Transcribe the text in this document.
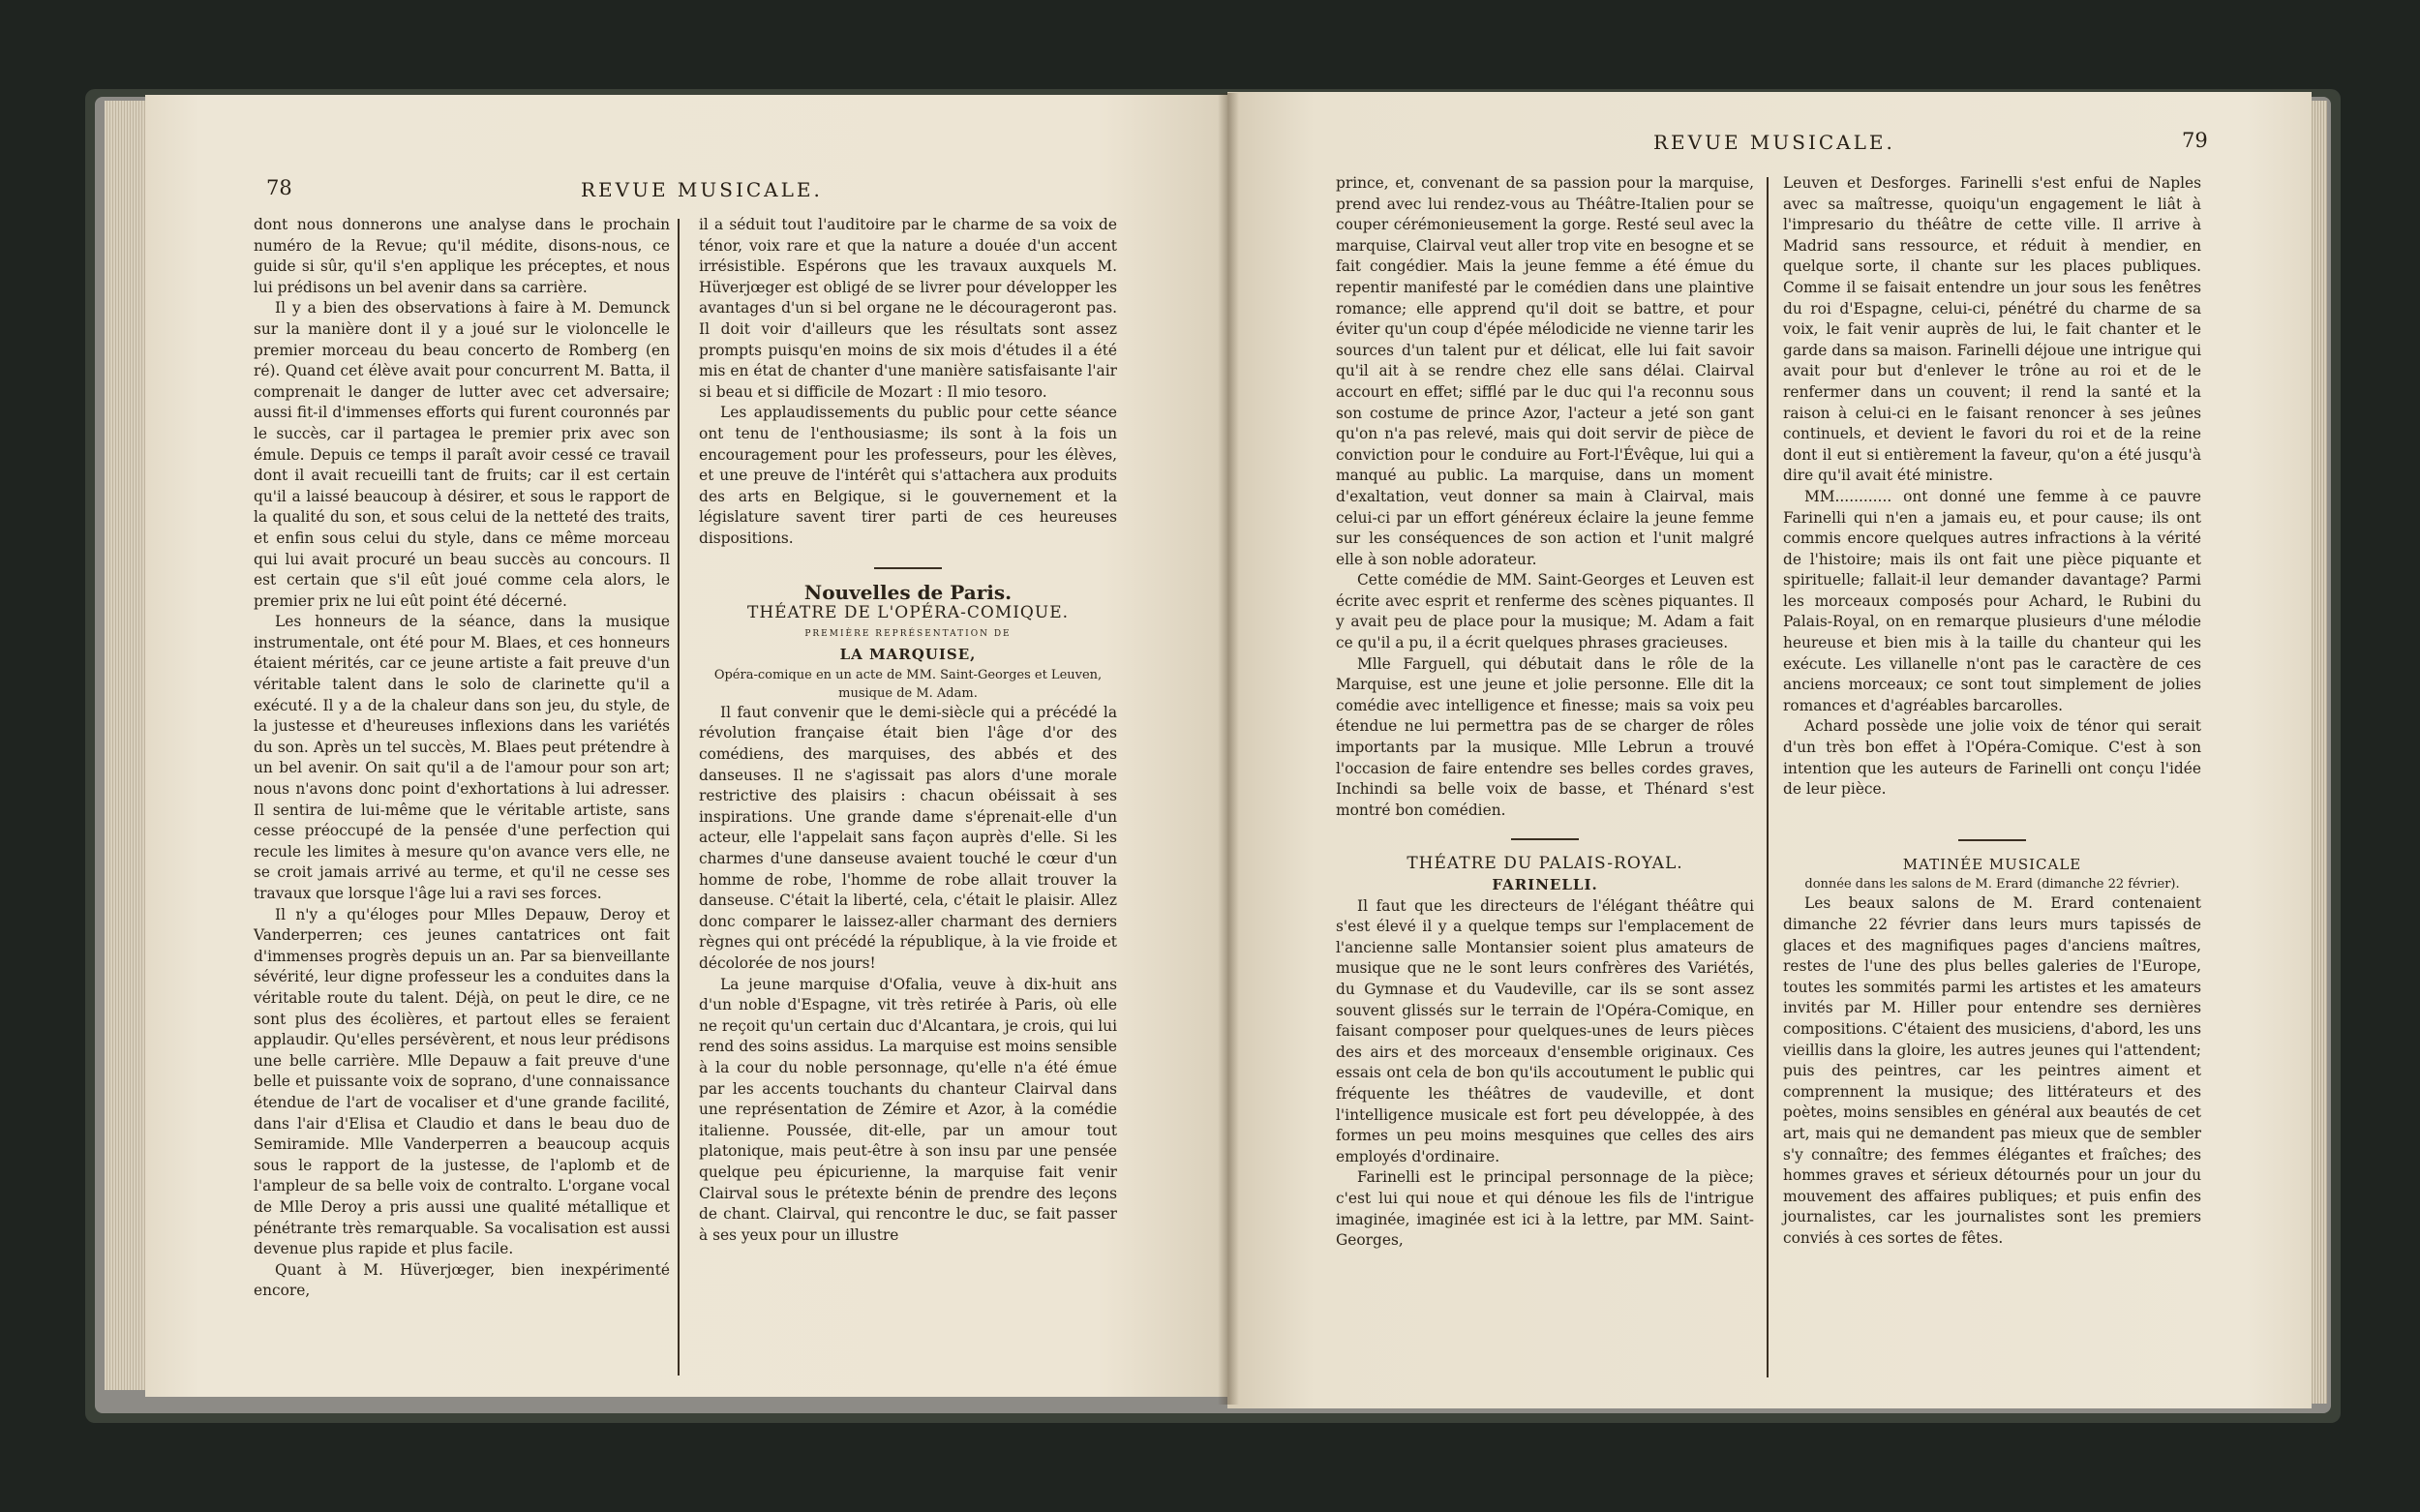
78	REVUE MUSICALE.

dont nous donnerons une analyse dans le prochain numéro de la Revue; qu'il médite, disons-nous, ce guide si sûr, qu'il s'en applique les préceptes, et nous lui prédisons un bel avenir dans sa carrière.

Il y a bien des observations à faire à M. Demunck sur la manière dont il y a joué sur le violoncelle le premier morceau du beau concerto de Romberg (en ré). Quand cet élève avait pour concurrent M. Batta, il comprenait le danger de lutter avec cet adversaire; aussi fit-il d'immenses efforts qui furent couronnés par le succès, car il partagea le premier prix avec son émule. Depuis ce temps il paraît avoir cessé ce travail dont il avait recueilli tant de fruits; car il est certain qu'il a laissé beaucoup à désirer, et sous le rapport de la qualité du son, et sous celui de la netteté des traits, et enfin sous celui du style, dans ce même morceau qui lui avait procuré un beau succès au concours. Il est certain que s'il eût joué comme cela alors, le premier prix ne lui eût point été décerné.

Les honneurs de la séance, dans la musique instrumentale, ont été pour M. Blaes, et ces honneurs étaient mérités, car ce jeune artiste a fait preuve d'un véritable talent dans le solo de clarinette qu'il a exécuté. Il y a de la chaleur dans son jeu, du style, de la justesse et d'heureuses inflexions dans les variétés du son. Après un tel succès, M. Blaes peut prétendre à un bel avenir. On sait qu'il a de l'amour pour son art; nous n'avons donc point d'exhortations à lui adresser. Il sentira de lui-même que le véritable artiste, sans cesse préoccupé de la pensée d'une perfection qui recule les limites à mesure qu'on avance vers elle, ne se croit jamais arrivé au terme, et qu'il ne cesse ses travaux que lorsque l'âge lui a ravi ses forces.

Il n'y a qu'éloges pour Mlles Depauw, Deroy et Vanderperren; ces jeunes cantatrices ont fait d'immenses progrès depuis un an. Par sa bienveillante sévérité, leur digne professeur les a conduites dans la véritable route du talent. Déjà, on peut le dire, ce ne sont plus des écolières, et partout elles se feraient applaudir. Qu'elles persévèrent, et nous leur prédisons une belle carrière. Mlle Depauw a fait preuve d'une belle et puissante voix de soprano, d'une connaissance étendue de l'art de vocaliser et d'une grande facilité, dans l'air d'Elisa et Claudio et dans le beau duo de Semiramide. Mlle Vanderperren a beaucoup acquis sous le rapport de la justesse, de l'aplomb et de l'ampleur de sa belle voix de contralto. L'organe vocal de Mlle Deroy a pris aussi une qualité métallique et pénétrante très remarquable. Sa vocalisation est aussi devenue plus rapide et plus facile.

Quant à M. Hüverjœger, bien inexpérimenté encore,

il a séduit tout l'auditoire par le charme de sa voix de ténor, voix rare et que la nature a douée d'un accent irrésistible. Espérons que les travaux auxquels M. Hüverjœger est obligé de se livrer pour développer les avantages d'un si bel organe ne le décourageront pas. Il doit voir d'ailleurs que les résultats sont assez prompts puisqu'en moins de six mois d'études il a été mis en état de chanter d'une manière satisfaisante l'air si beau et si difficile de Mozart : Il mio tesoro.

Les applaudissements du public pour cette séance ont tenu de l'enthousiasme; ils sont à la fois un encouragement pour les professeurs, pour les élèves, et une preuve de l'intérêt qui s'attachera aux produits des arts en Belgique, si le gouvernement et la législature savent tirer parti de ces heureuses dispositions.

Nouvelles de Paris.

THÉATRE DE L'OPÉRA-COMIQUE.

PREMIÈRE REPRÉSENTATION DE

LA MARQUISE,

Opéra-comique en un acte de MM. Saint-Georges et Leuven, musique de M. Adam.

Il faut convenir que le demi-siècle qui a précédé la révolution française était bien l'âge d'or des comédiens, des marquises, des abbés et des danseuses. Il ne s'agissait pas alors d'une morale restrictive des plaisirs : chacun obéissait à ses inspirations. Une grande dame s'éprenait-elle d'un acteur, elle l'appelait sans façon auprès d'elle. Si les charmes d'une danseuse avaient touché le cœur d'un homme de robe, l'homme de robe allait trouver la danseuse. C'était la liberté, cela, c'était le plaisir. Allez donc comparer le laissez-aller charmant des derniers règnes qui ont précédé la république, à la vie froide et décolorée de nos jours!

La jeune marquise d'Ofalia, veuve à dix-huit ans d'un noble d'Espagne, vit très retirée à Paris, où elle ne reçoit qu'un certain duc d'Alcantara, je crois, qui lui rend des soins assidus. La marquise est moins sensible à la cour du noble personnage, qu'elle n'a été émue par les accents touchants du chanteur Clairval dans une représentation de Zémire et Azor, à la comédie italienne. Poussée, dit-elle, par un amour tout platonique, mais peut-être à son insu par une pensée quelque peu épicurienne, la marquise fait venir Clairval sous le prétexte bénin de prendre des leçons de chant. Clairval, qui rencontre le duc, se fait passer à ses yeux pour un illustre

REVUE MUSICALE.	79

prince, et, convenant de sa passion pour la marquise, prend avec lui rendez-vous au Théâtre-Italien pour se couper cérémonieusement la gorge. Resté seul avec la marquise, Clairval veut aller trop vite en besogne et se fait congédier. Mais la jeune femme a été émue du repentir manifesté par le comédien dans une plaintive romance; elle apprend qu'il doit se battre, et pour éviter qu'un coup d'épée mélodicide ne vienne tarir les sources d'un talent pur et délicat, elle lui fait savoir qu'il ait à se rendre chez elle sans délai. Clairval accourt en effet; sifflé par le duc qui l'a reconnu sous son costume de prince Azor, l'acteur a jeté son gant qu'on n'a pas relevé, mais qui doit servir de pièce de conviction pour le conduire au Fort-l'Évêque, lui qui a manqué au public. La marquise, dans un moment d'exaltation, veut donner sa main à Clairval, mais celui-ci par un effort généreux éclaire la jeune femme sur les conséquences de son action et l'unit malgré elle à son noble adorateur.

Cette comédie de MM. Saint-Georges et Leuven est écrite avec esprit et renferme des scènes piquantes. Il y avait peu de place pour la musique; M. Adam a fait ce qu'il a pu, il a écrit quelques phrases gracieuses.

Mlle Farguell, qui débutait dans le rôle de la Marquise, est une jeune et jolie personne. Elle dit la comédie avec intelligence et finesse; mais sa voix peu étendue ne lui permettra pas de se charger de rôles importants par la musique. Mlle Lebrun a trouvé l'occasion de faire entendre ses belles cordes graves, Inchindi sa belle voix de basse, et Thénard s'est montré bon comédien.

THÉATRE DU PALAIS-ROYAL.

FARINELLI.

Il faut que les directeurs de l'élégant théâtre qui s'est élevé il y a quelque temps sur l'emplacement de l'ancienne salle Montansier soient plus amateurs de musique que ne le sont leurs confrères des Variétés, du Gymnase et du Vaudeville, car ils se sont assez souvent glissés sur le terrain de l'Opéra-Comique, en faisant composer pour quelques-unes de leurs pièces des airs et des morceaux d'ensemble originaux. Ces essais ont cela de bon qu'ils accoutument le public qui fréquente les théâtres de vaudeville, et dont l'intelligence musicale est fort peu développée, à des formes un peu moins mesquines que celles des airs employés d'ordinaire.

Farinelli est le principal personnage de la pièce; c'est lui qui noue et qui dénoue les fils de l'intrigue imaginée, imaginée est ici à la lettre, par MM. Saint-Georges,

Leuven et Desforges. Farinelli s'est enfui de Naples avec sa maîtresse, quoiqu'un engagement le liât à l'impresario du théâtre de cette ville. Il arrive à Madrid sans ressource, et réduit à mendier, en quelque sorte, il chante sur les places publiques. Comme il se faisait entendre un jour sous les fenêtres du roi d'Espagne, celui-ci, pénétré du charme de sa voix, le fait venir auprès de lui, le fait chanter et le garde dans sa maison. Farinelli déjoue une intrigue qui avait pour but d'enlever le trône au roi et de le renfermer dans un couvent; il rend la santé et la raison à celui-ci en le faisant renoncer à ses jeûnes continuels, et devient le favori du roi et de la reine dont il eut si entièrement la faveur, qu'on a été jusqu'à dire qu'il avait été ministre.

MM............ ont donné une femme à ce pauvre Farinelli qui n'en a jamais eu, et pour cause; ils ont commis encore quelques autres infractions à la vérité de l'histoire; mais ils ont fait une pièce piquante et spirituelle; fallait-il leur demander davantage? Parmi les morceaux composés pour Achard, le Rubini du Palais-Royal, on en remarque plusieurs d'une mélodie heureuse et bien mis à la taille du chanteur qui les exécute. Les villanelle n'ont pas le caractère de ces anciens morceaux; ce sont tout simplement de jolies romances et d'agréables barcarolles.

Achard possède une jolie voix de ténor qui serait d'un très bon effet à l'Opéra-Comique. C'est à son intention que les auteurs de Farinelli ont conçu l'idée de leur pièce.

MATINÉE MUSICALE

donnée dans les salons de M. Erard (dimanche 22 février).

Les beaux salons de M. Erard contenaient dimanche 22 février dans leurs murs tapissés de glaces et des magnifiques pages d'anciens maîtres, restes de l'une des plus belles galeries de l'Europe, toutes les sommités parmi les artistes et les amateurs invités par M. Hiller pour entendre ses dernières compositions. C'étaient des musiciens, d'abord, les uns vieillis dans la gloire, les autres jeunes qui l'attendent; puis des peintres, car les peintres aiment et comprennent la musique; des littérateurs et des poètes, moins sensibles en général aux beautés de cet art, mais qui ne demandent pas mieux que de sembler s'y connaître; des femmes élégantes et fraîches; des hommes graves et sérieux détournés pour un jour du mouvement des affaires publiques; et puis enfin des journalistes, car les journalistes sont les premiers conviés à ces sortes de fêtes.
